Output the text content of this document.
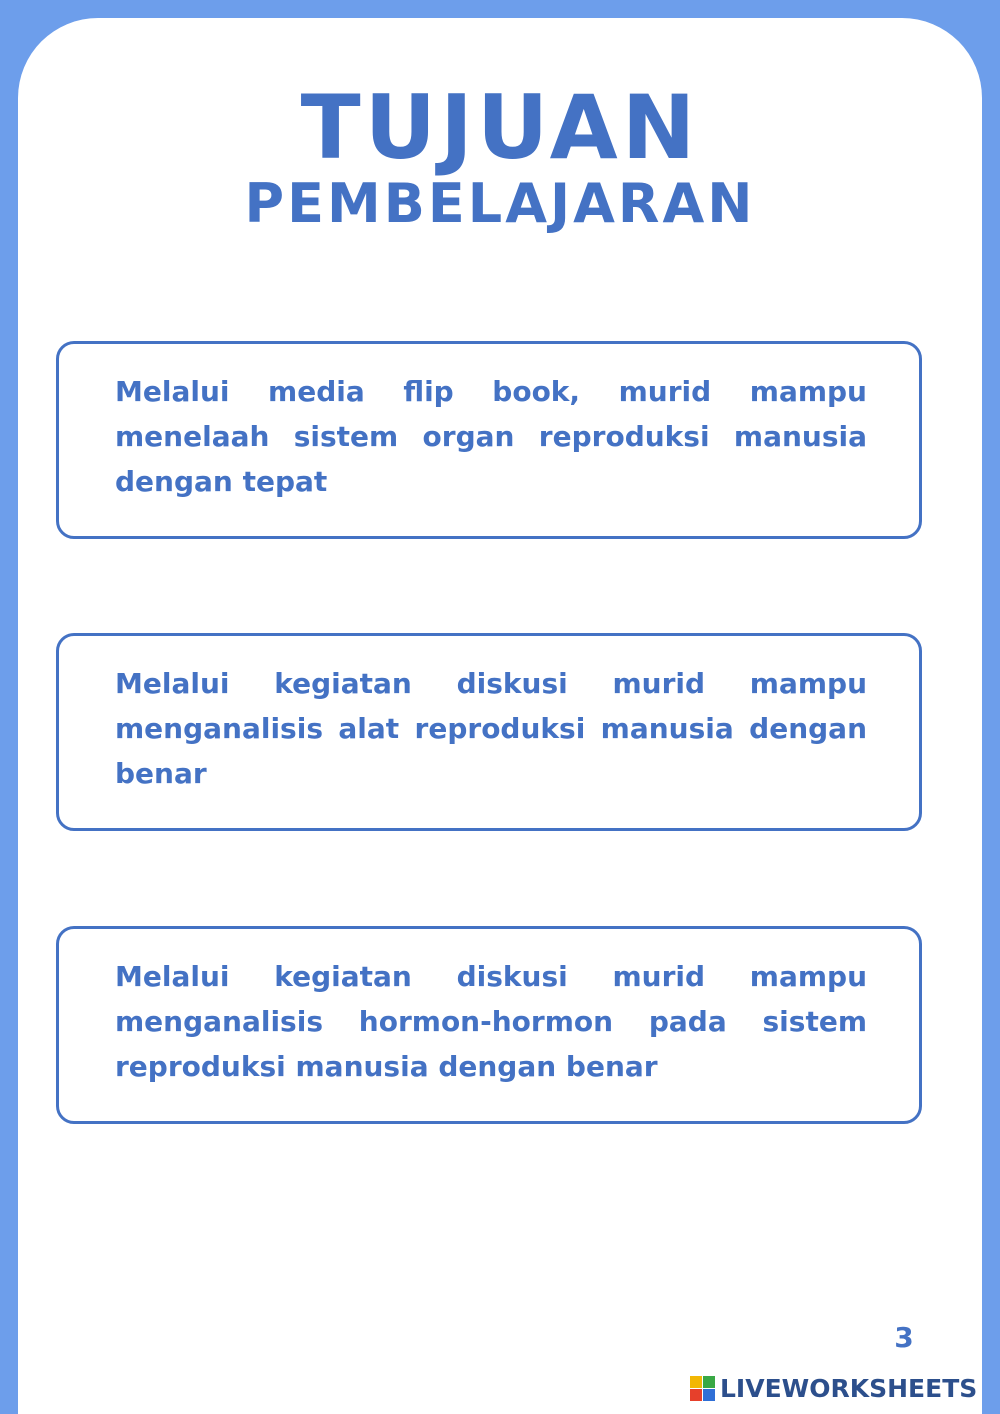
TUJUAN
PEMBELAJARAN

Melalui media flip book, murid mampu menelaah sistem organ reproduksi manusia dengan tepat

Melalui kegiatan diskusi murid mampu menganalisis alat reproduksi manusia dengan benar

Melalui kegiatan diskusi murid mampu menganalisis hormon-hormon pada sistem reproduksi manusia dengan benar

3
LIVEWORKSHEETS
